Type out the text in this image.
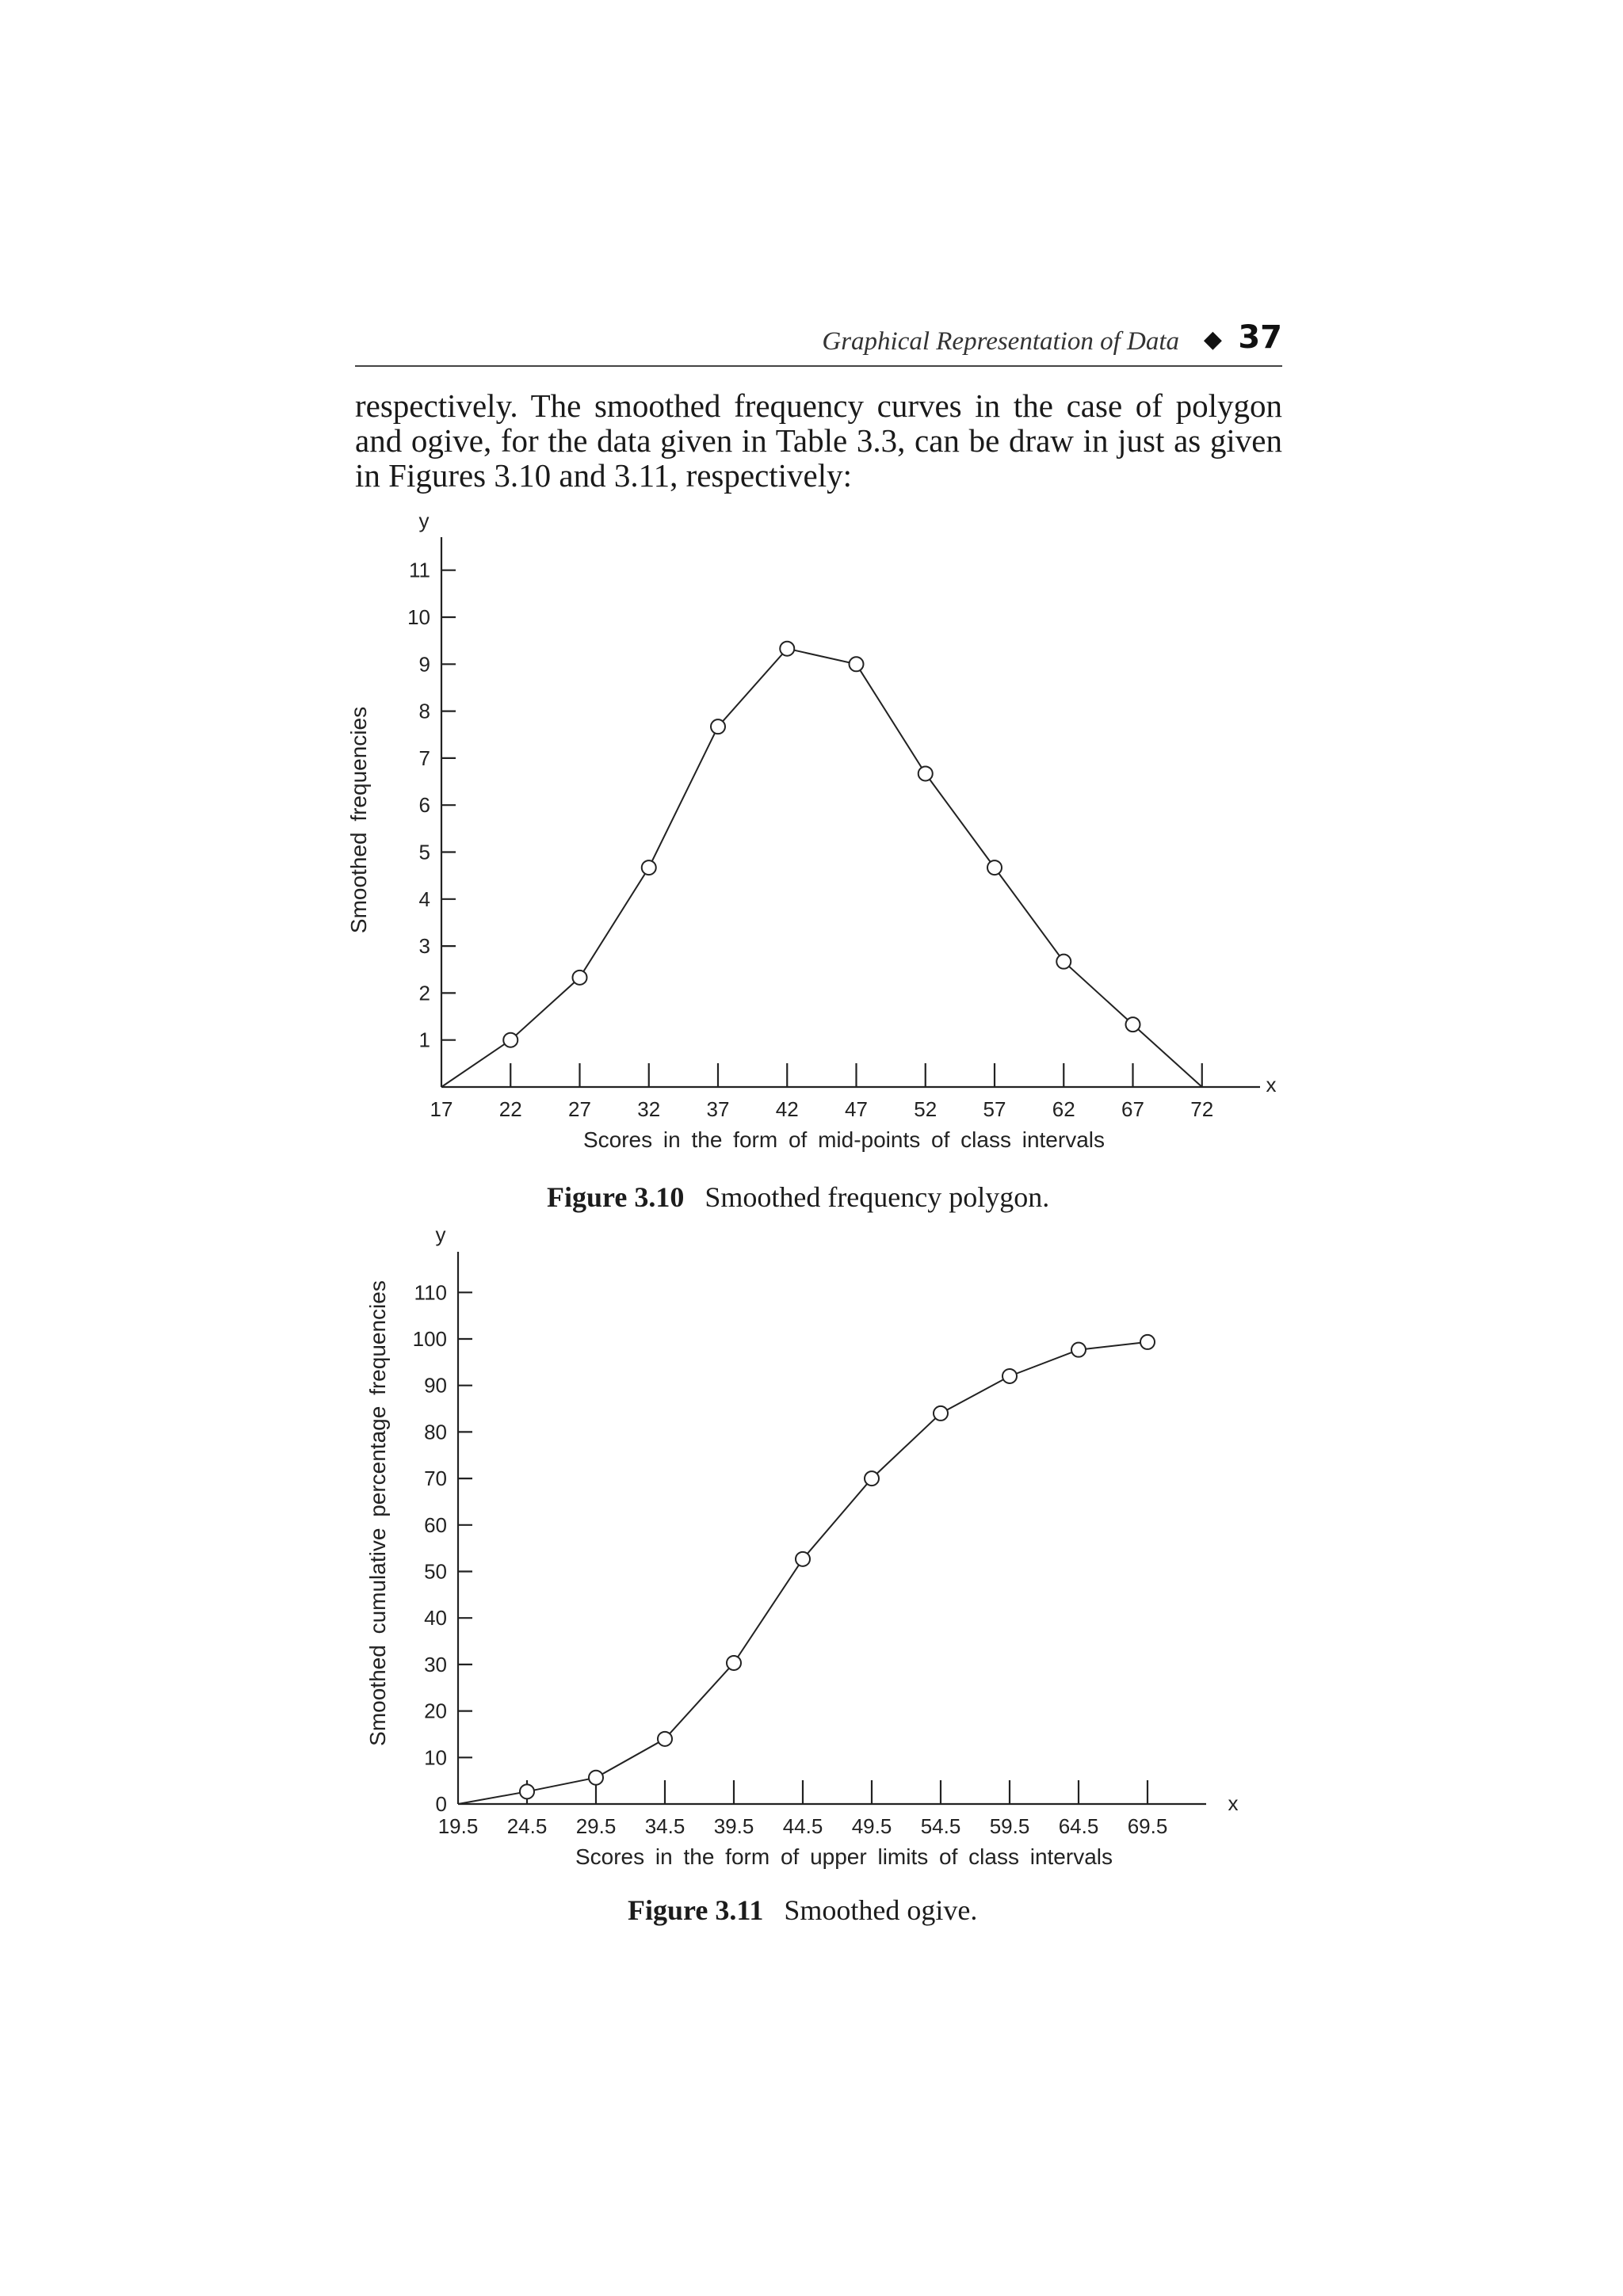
Graphical Representation of Data ◆ 37
respectively. The smoothed frequency curves in the case of polygon
and ogive, for the data given in Table 3.3, can be draw in just as given
in Figures 3.10 and 3.11, respectively:
y
x
1
2
3
4
5
6
7
8
9
10
11
17 22 27 32 37 42 47 52 57 62 67 72
Scores in the form of mid-points of class intervals
Smoothed frequencies
y
x
0
10
20
30
40
50
60
70
80
90
100
110
19.5 24.5 29.5 34.5 39.5 44.5 49.5 54.5 59.5 64.5 69.5
Scores in the form of upper limits of class intervals
Smoothed cumulative percentage frequencies
Figure 3.10 Smoothed frequency polygon.
Figure 3.11 Smoothed ogive.
